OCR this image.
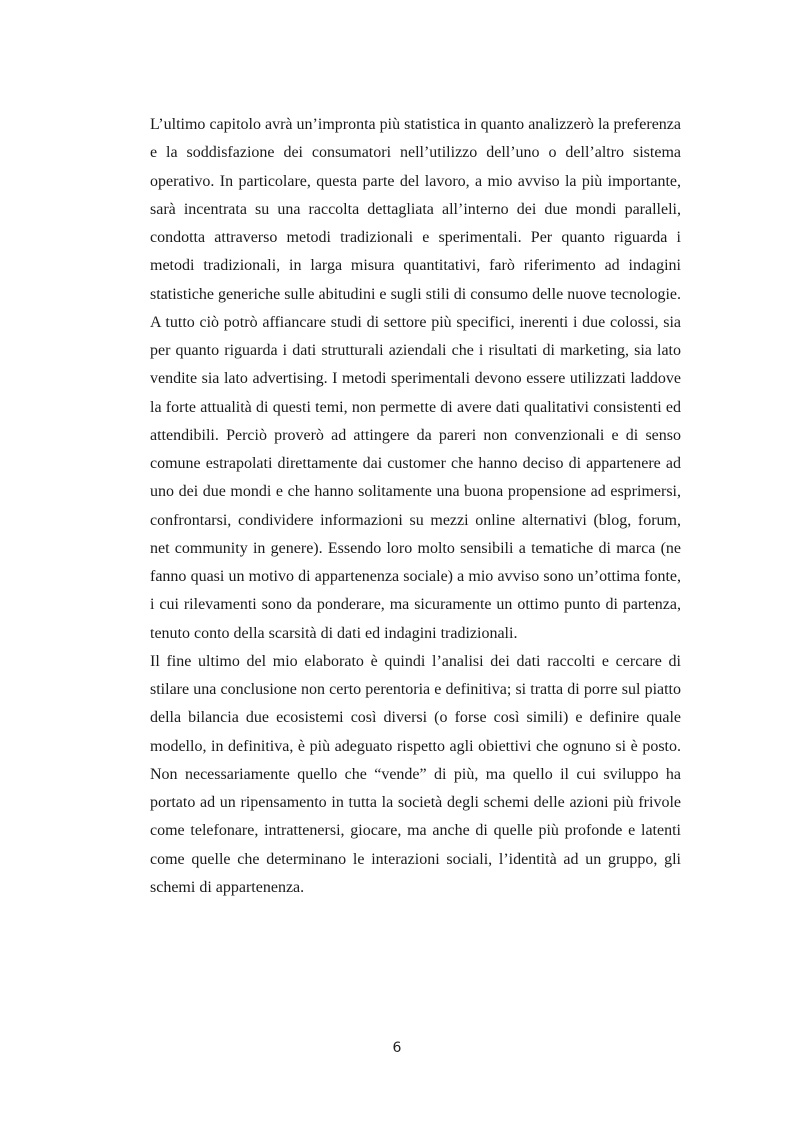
L’ultimo capitolo avrà un’impronta più statistica in quanto analizzerò la preferenza e la soddisfazione dei consumatori nell’utilizzo dell’uno o dell’altro sistema operativo. In particolare, questa parte del lavoro, a mio avviso la più importante, sarà incentrata su una raccolta dettagliata all’interno dei due mondi paralleli, condotta attraverso metodi tradizionali e sperimentali. Per quanto riguarda i metodi tradizionali, in larga misura quantitativi, farò riferimento ad indagini statistiche generiche sulle abitudini e sugli stili di consumo delle nuove tecnologie. A tutto ciò potrò affiancare studi di settore più specifici, inerenti i due colossi, sia per quanto riguarda i dati strutturali aziendali che i risultati di marketing, sia lato vendite sia lato advertising. I metodi sperimentali devono essere utilizzati laddove la forte attualità di questi temi, non permette di avere dati qualitativi consistenti ed attendibili. Perciò proverò ad attingere da pareri non convenzionali e di senso comune estrapolati direttamente dai customer che hanno deciso di appartenere ad uno dei due mondi e che hanno solitamente una buona propensione ad esprimersi, confrontarsi, condividere informazioni su mezzi online alternativi (blog, forum, net community in genere). Essendo loro molto sensibili a tematiche di marca (ne fanno quasi un motivo di appartenenza sociale) a mio avviso sono un’ottima fonte, i cui rilevamenti sono da ponderare, ma sicuramente un ottimo punto di partenza, tenuto conto della scarsità di dati ed indagini tradizionali.

Il fine ultimo del mio elaborato è quindi l’analisi dei dati raccolti e cercare di stilare una conclusione non certo perentoria e definitiva; si tratta di porre sul piatto della bilancia due ecosistemi così diversi (o forse così simili) e definire quale modello, in definitiva, è più adeguato rispetto agli obiettivi che ognuno si è posto. Non necessariamente quello che “vende” di più, ma quello il cui sviluppo ha portato ad un ripensamento in tutta la società degli schemi delle azioni più frivole come telefonare, intrattenersi, giocare, ma anche di quelle più profonde e latenti come quelle che determinano le interazioni sociali, l’identità ad un gruppo, gli schemi di appartenenza.

6
